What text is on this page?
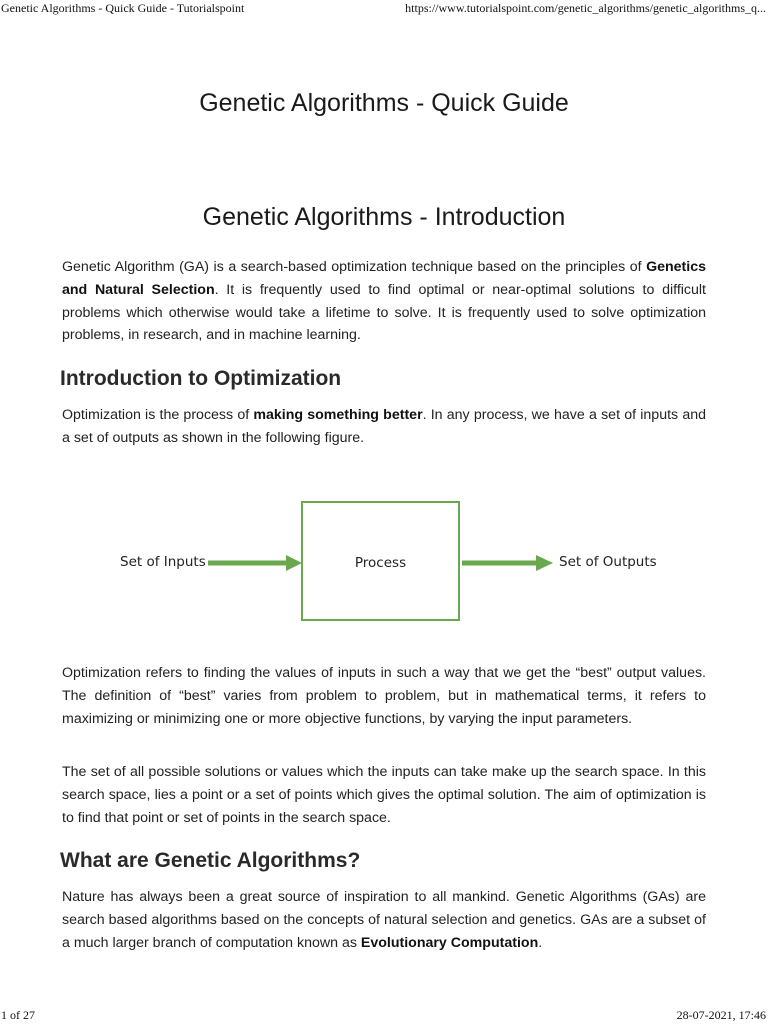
Genetic Algorithms - Quick Guide - Tutorialspoint	https://www.tutorialspoint.com/genetic_algorithms/genetic_algorithms_q...
Genetic Algorithms - Quick Guide
Genetic Algorithms - Introduction

Genetic Algorithm (GA) is a search-based optimization technique based on the principles of Genetics and Natural Selection. It is frequently used to find optimal or near-optimal solutions to difficult problems which otherwise would take a lifetime to solve. It is frequently used to solve optimization problems, in research, and in machine learning.

Introduction to Optimization

Optimization is the process of making something better. In any process, we have a set of inputs and a set of outputs as shown in the following figure.

Set of Inputs	Process	Set of Outputs

Optimization refers to finding the values of inputs in such a way that we get the “best” output values. The definition of “best” varies from problem to problem, but in mathematical terms, it refers to maximizing or minimizing one or more objective functions, by varying the input parameters.

The set of all possible solutions or values which the inputs can take make up the search space. In this search space, lies a point or a set of points which gives the optimal solution. The aim of optimization is to find that point or set of points in the search space.

What are Genetic Algorithms?

Nature has always been a great source of inspiration to all mankind. Genetic Algorithms (GAs) are search based algorithms based on the concepts of natural selection and genetics. GAs are a subset of a much larger branch of computation known as Evolutionary Computation.

1 of 27	28-07-2021, 17:46
